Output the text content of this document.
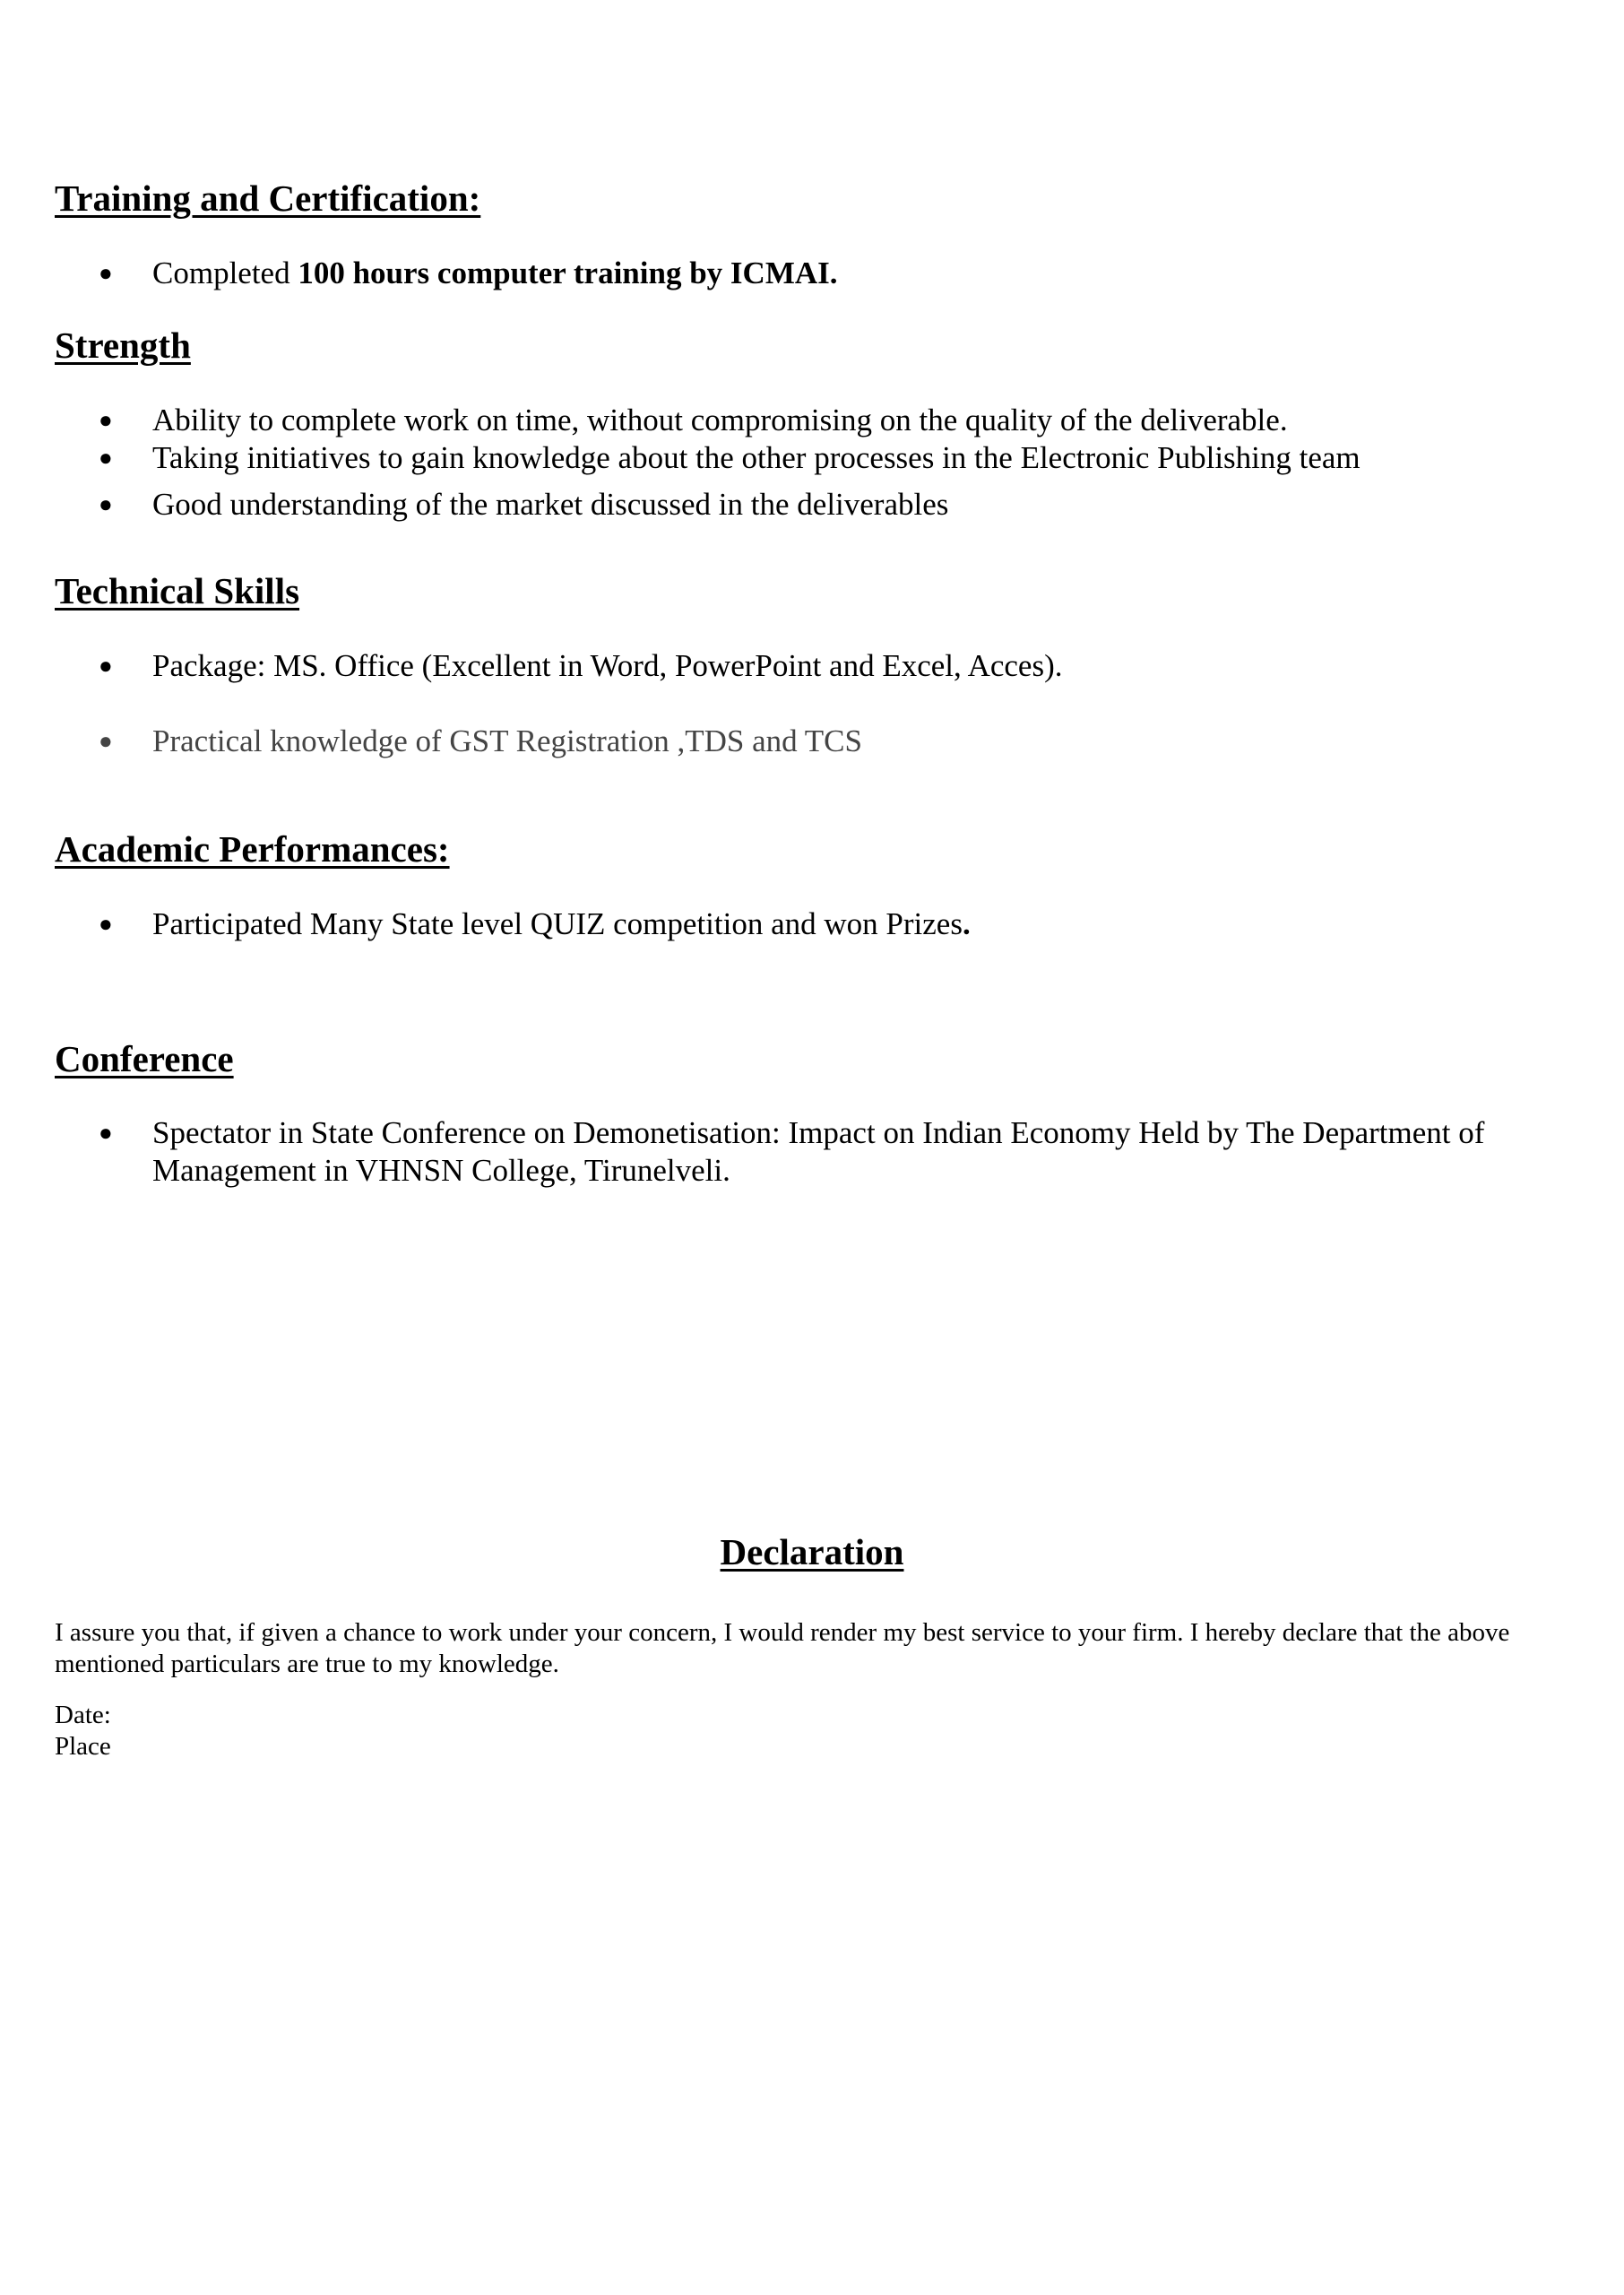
Training and Certification:

●	Completed 100 hours computer training by ICMAI.

Strength

●	Ability to complete work on time, without compromising on the quality of the deliverable.

●	Taking initiatives to gain knowledge about the other processes in the Electronic Publishing team

●	Good understanding of the market discussed in the deliverables

Technical Skills

●	Package: MS. Office (Excellent in Word, PowerPoint and Excel, Acces).

●	Practical knowledge of GST Registration ,TDS and TCS

Academic Performances:

●	Participated Many State level QUIZ competition and won Prizes.

Conference

●	Spectator in State Conference on Demonetisation: Impact on Indian Economy Held by The Department of Management in VHNSN College, Tirunelveli.

Declaration

I assure you that, if given a chance to work under your concern, I would render my best service to your firm. I hereby declare that the above mentioned particulars are true to my knowledge.

Date:

Place
